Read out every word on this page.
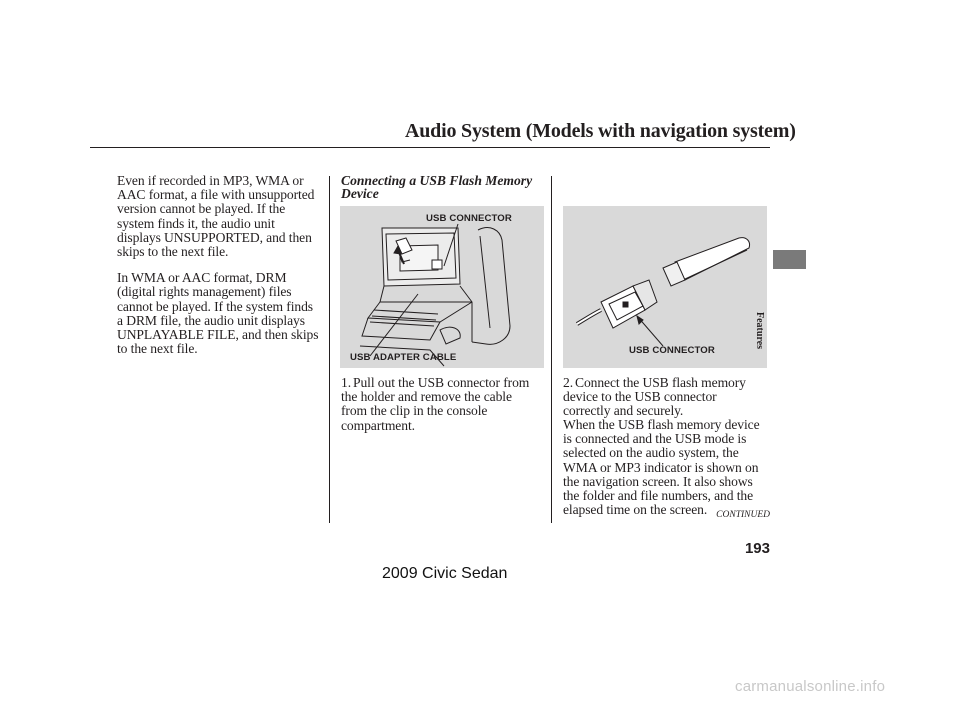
Audio System (Models with navigation system)

Even if recorded in MP3, WMA or
AAC format, a file with unsupported
version cannot be played. If the
system finds it, the audio unit
displays UNSUPPORTED, and then
skips to the next file.

In WMA or AAC format, DRM
(digital rights management) files
cannot be played. If the system finds
a DRM file, the audio unit displays
UNPLAYABLE FILE, and then skips
to the next file.

Connecting a USB Flash Memory
Device
USB CONNECTOR
USB ADAPTER CABLE
USB CONNECTOR
1. Pull out the USB connector from
the holder and remove the cable
from the clip in the console
compartment.
2. Connect the USB flash memory
device to the USB connector
correctly and securely.
When the USB flash memory device
is connected and the USB mode is
selected on the audio system, the
WMA or MP3 indicator is shown on
the navigation screen. It also shows
the folder and file numbers, and the
elapsed time on the screen. CONTINUED
193
2009 Civic Sedan
carmanualsonline.info
Features
